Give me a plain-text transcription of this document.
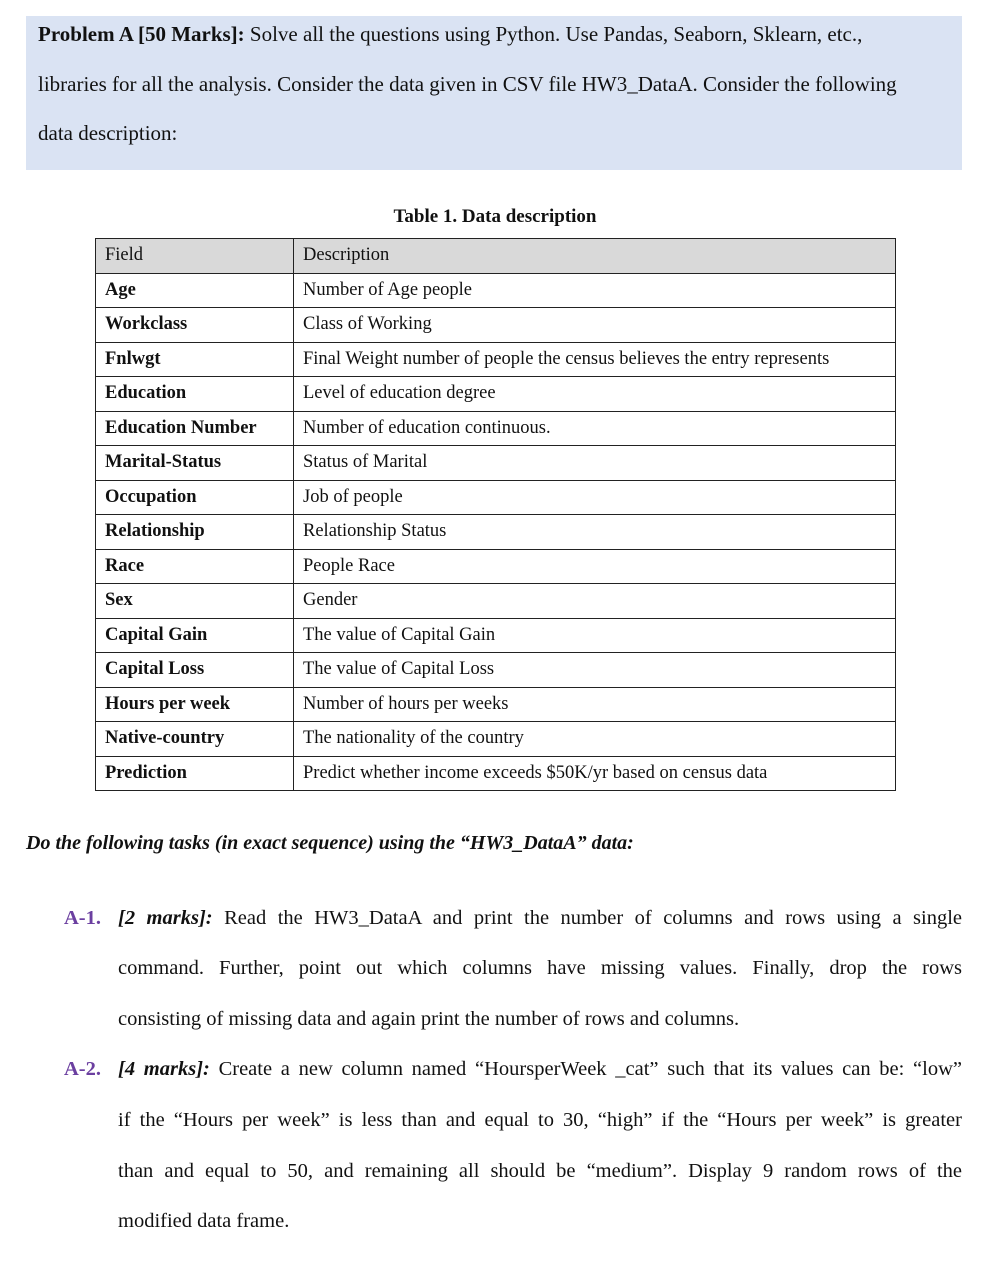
Problem A [50 Marks]: Solve all the questions using Python. Use Pandas, Seaborn, Sklearn, etc.,
libraries for all the analysis. Consider the data given in CSV file HW3_DataA. Consider the following
data description:
Table 1. Data description
Field	Description
Age	Number of Age people
Workclass	Class of Working
Fnlwgt	Final Weight number of people the census believes the entry represents
Education	Level of education degree
Education Number	Number of education continuous.
Marital-Status	Status of Marital
Occupation	Job of people
Relationship	Relationship Status
Race	People Race
Sex	Gender
Capital Gain	The value of Capital Gain
Capital Loss	The value of Capital Loss
Hours per week	Number of hours per weeks
Native-country	The nationality of the country
Prediction	Predict whether income exceeds $50K/yr based on census data
Do the following tasks (in exact sequence) using the “HW3_DataA” data:
A-1. [2 marks]: Read the HW3_DataA and print the number of columns and rows using a single
command. Further, point out which columns have missing values. Finally, drop the rows
consisting of missing data and again print the number of rows and columns.
A-2. [4 marks]: Create a new column named “HoursperWeek _cat” such that its values can be: “low”
if the “Hours per week” is less than and equal to 30, “high” if the “Hours per week” is greater
than and equal to 50, and remaining all should be “medium”. Display 9 random rows of the
modified data frame.
